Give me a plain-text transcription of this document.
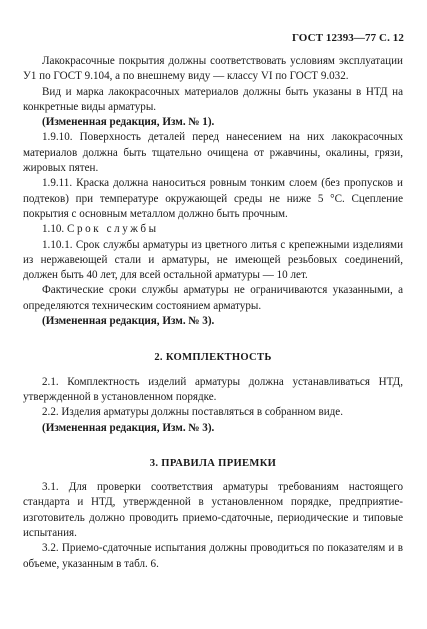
ГОСТ 12393—77 С. 12

Лакокрасочные покрытия должны соответствовать условиям эксплуатации У1 по ГОСТ 9.104, а по внешнему виду — классу VI по ГОСТ 9.032.

Вид и марка лакокрасочных материалов должны быть указаны в НТД на конкретные виды арматуры.

(Измененная редакция, Изм. № 1).

1.9.10. Поверхность деталей перед нанесением на них лакокрасочных материалов должна быть тщательно очищена от ржавчины, окалины, грязи, жировых пятен.

1.9.11. Краска должна наноситься ровным тонким слоем (без пропусков и подтеков) при температуре окружающей среды не ниже 5 °С. Сцепление покрытия с основным металлом должно быть прочным.

1.10. Срок службы

1.10.1. Срок службы арматуры из цветного литья с крепежными изделиями из нержавеющей стали и арматуры, не имеющей резьбовых соединений, должен быть 40 лет, для всей остальной арматуры — 10 лет.

Фактические сроки службы арматуры не ограничиваются указанными, а определяются техническим состоянием арматуры.

(Измененная редакция, Изм. № 3).

2. КОМПЛЕКТНОСТЬ

2.1. Комплектность изделий арматуры должна устанавливаться НТД, утвержденной в установленном порядке.

2.2. Изделия арматуры должны поставляться в собранном виде.

(Измененная редакция, Изм. № 3).

3. ПРАВИЛА ПРИЕМКИ

3.1. Для проверки соответствия арматуры требованиям настоящего стандарта и НТД, утвержденной в установленном порядке, предприятие-изготовитель должно проводить приемо-сдаточные, периодические и типовые испытания.

3.2. Приемо-сдаточные испытания должны проводиться по показателям и в объеме, указанным в табл. 6.
